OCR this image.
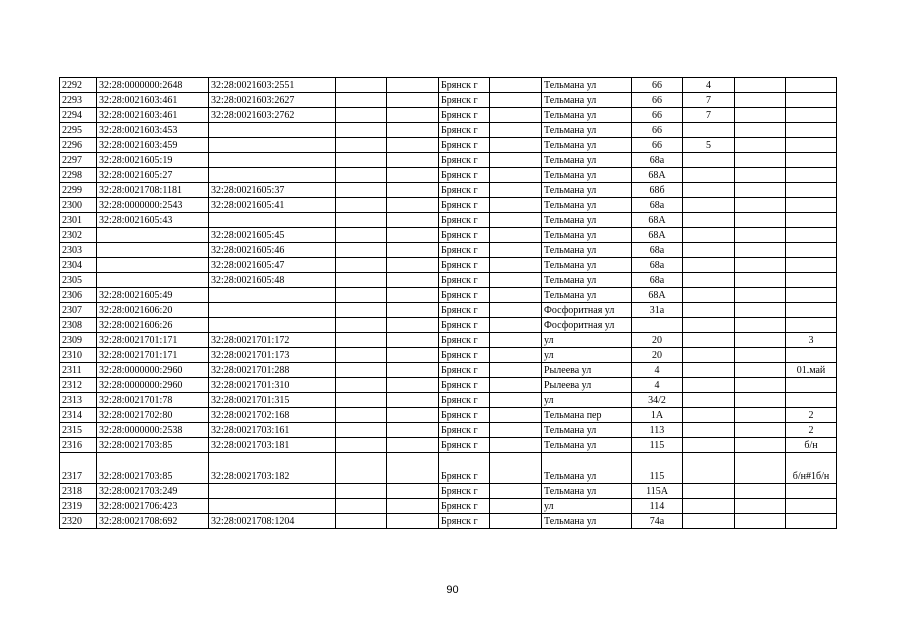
2292	32:28:0000000:2648	32:28:0021603:2551			Брянск г		Тельмана ул	66	4		
2293	32:28:0021603:461	32:28:0021603:2627			Брянск г		Тельмана ул	66	7		
2294	32:28:0021603:461	32:28:0021603:2762			Брянск г		Тельмана ул	66	7		
2295	32:28:0021603:453				Брянск г		Тельмана ул	66			
2296	32:28:0021603:459				Брянск г		Тельмана ул	66	5		
2297	32:28:0021605:19				Брянск г		Тельмана ул	68а			
2298	32:28:0021605:27				Брянск г		Тельмана ул	68А			
2299	32:28:0021708:1181	32:28:0021605:37			Брянск г		Тельмана ул	68б			
2300	32:28:0000000:2543	32:28:0021605:41			Брянск г		Тельмана ул	68а			
2301	32:28:0021605:43				Брянск г		Тельмана ул	68А			
2302		32:28:0021605:45			Брянск г		Тельмана ул	68А			
2303		32:28:0021605:46			Брянск г		Тельмана ул	68а			
2304		32:28:0021605:47			Брянск г		Тельмана ул	68а			
2305		32:28:0021605:48			Брянск г		Тельмана ул	68а			
2306	32:28:0021605:49				Брянск г		Тельмана ул	68А			
2307	32:28:0021606:20				Брянск г		Фосфоритная ул	31а			
2308	32:28:0021606:26				Брянск г		Фосфоритная ул				
2309	32:28:0021701:171	32:28:0021701:172			Брянск г		ул	20			3
2310	32:28:0021701:171	32:28:0021701:173			Брянск г		ул	20			
2311	32:28:0000000:2960	32:28:0021701:288			Брянск г		Рылеева ул	4			01.май
2312	32:28:0000000:2960	32:28:0021701:310			Брянск г		Рылеева ул	4			
2313	32:28:0021701:78	32:28:0021701:315			Брянск г		ул	34/2			
2314	32:28:0021702:80	32:28:0021702:168			Брянск г		Тельмана пер	1А			2
2315	32:28:0000000:2538	32:28:0021703:161			Брянск г		Тельмана ул	113			2
2316	32:28:0021703:85	32:28:0021703:181			Брянск г		Тельмана ул	115			б/н
2317	32:28:0021703:85	32:28:0021703:182			Брянск г		Тельмана ул	115			б/н#1б/н
2318	32:28:0021703:249				Брянск г		Тельмана ул	115А			
2319	32:28:0021706:423				Брянск г		ул	114			
2320	32:28:0021708:692	32:28:0021708:1204			Брянск г		Тельмана ул	74а			
90
